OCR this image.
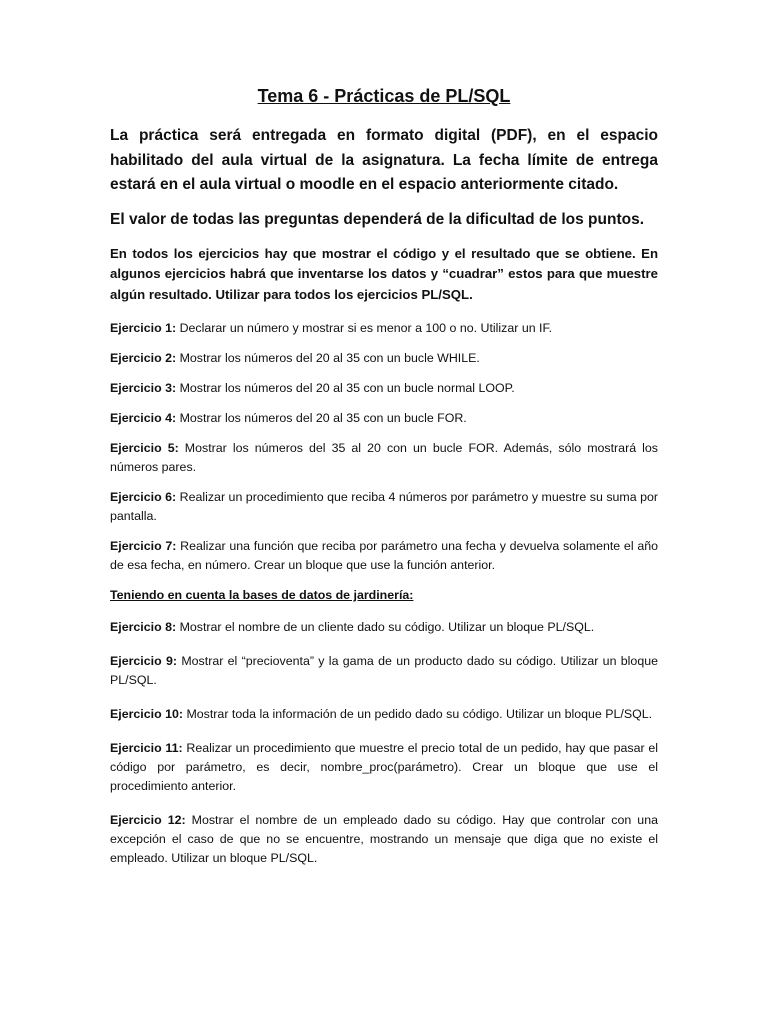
Tema 6 - Prácticas de PL/SQL

La práctica será entregada en formato digital (PDF), en el espacio habilitado del aula virtual de la asignatura. La fecha límite de entrega estará en el aula virtual o moodle en el espacio anteriormente citado.

El valor de todas las preguntas dependerá de la dificultad de los puntos.

En todos los ejercicios hay que mostrar el código y el resultado que se obtiene. En algunos ejercicios habrá que inventarse los datos y “cuadrar” estos para que muestre algún resultado. Utilizar para todos los ejercicios PL/SQL.

Ejercicio 1: Declarar un número y mostrar si es menor a 100 o no. Utilizar un IF.

Ejercicio 2: Mostrar los números del 20 al 35 con un bucle WHILE.

Ejercicio 3: Mostrar los números del 20 al 35 con un bucle normal LOOP.

Ejercicio 4: Mostrar los números del 20 al 35 con un bucle FOR.

Ejercicio 5: Mostrar los números del 35 al 20 con un bucle FOR. Además, sólo mostrará los números pares.

Ejercicio 6: Realizar un procedimiento que reciba 4 números por parámetro y muestre su suma por pantalla.

Ejercicio 7: Realizar una función que reciba por parámetro una fecha y devuelva solamente el año de esa fecha, en número. Crear un bloque que use la función anterior.

Teniendo en cuenta la bases de datos de jardinería:

Ejercicio 8: Mostrar el nombre de un cliente dado su código. Utilizar un bloque PL/SQL.

Ejercicio 9: Mostrar el “precioventa” y la gama de un producto dado su código. Utilizar un bloque PL/SQL.

Ejercicio 10: Mostrar toda la información de un pedido dado su código. Utilizar un bloque PL/SQL.

Ejercicio 11: Realizar un procedimiento que muestre el precio total de un pedido, hay que pasar el código por parámetro, es decir, nombre_proc(parámetro). Crear un bloque que use el procedimiento anterior.

Ejercicio 12: Mostrar el nombre de un empleado dado su código. Hay que controlar con una excepción el caso de que no se encuentre, mostrando un mensaje que diga que no existe el empleado. Utilizar un bloque PL/SQL.
